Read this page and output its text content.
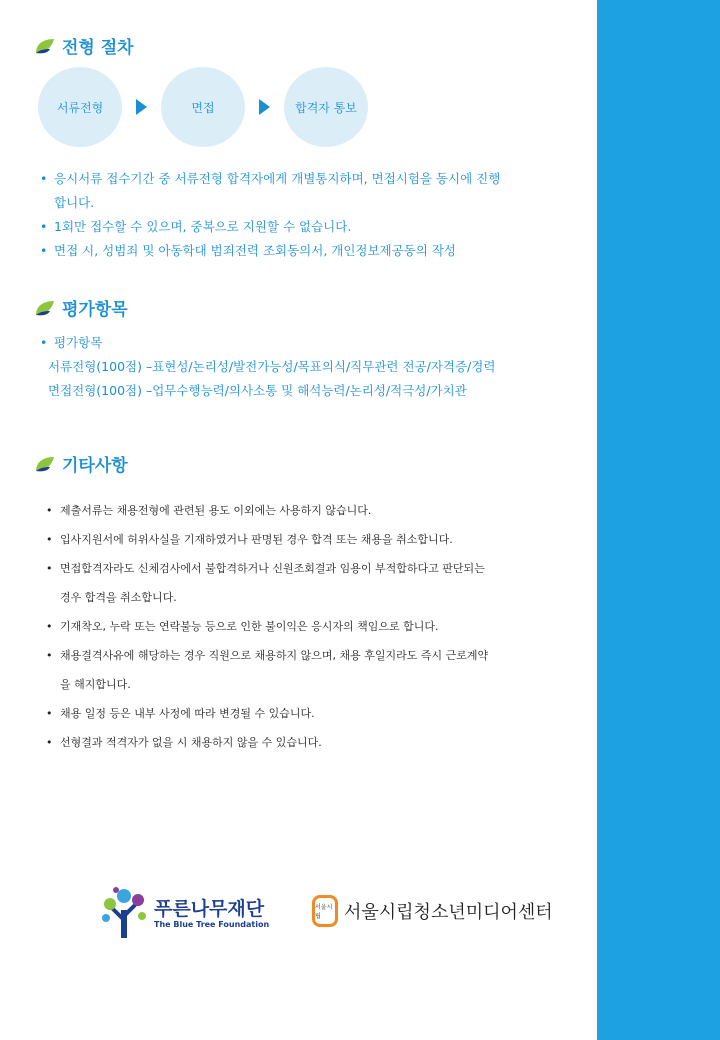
전형 절차
서류전형	면접	합격자 통보
• 응시서류 접수기간 중 서류전형 합격자에게 개별통지하며, 면접시험을 동시에 진행
합니다.
• 1회만 접수할 수 있으며, 중복으로 지원할 수 없습니다.
• 면접 시, 성범죄 및 아동학대 범죄전력 조회동의서, 개인정보제공동의 작성
평가항목
• 평가항목
서류전형(100점) –표현성/논리성/발전가능성/목표의식/직무관련 전공/자격증/경력
면접전형(100점) –업무수행능력/의사소통 및 해석능력/논리성/적극성/가치관
기타사항
• 제출서류는 채용전형에 관련된 용도 이외에는 사용하지 않습니다.
• 입사지원서에 허위사실을 기재하였거나 판명된 경우 합격 또는 채용을 취소합니다.
• 면접합격자라도 신체검사에서 불합격하거나 신원조회결과 임용이 부적합하다고 판단되는
경우 합격을 취소합니다.
• 기재착오, 누락 또는 연락불능 등으로 인한 불이익은 응시자의 책임으로 합니다.
• 채용결격사유에 해당하는 경우 직원으로 채용하지 않으며, 채용 후일지라도 즉시 근로계약
을 해지합니다.
• 채용 일정 등은 내부 사정에 따라 변경될 수 있습니다.
• 선형결과 적격자가 없을 시 채용하지 않을 수 있습니다.
푸른나무재단
The Blue Tree Foundation
서울시립	서울시립청소년미디어센터
